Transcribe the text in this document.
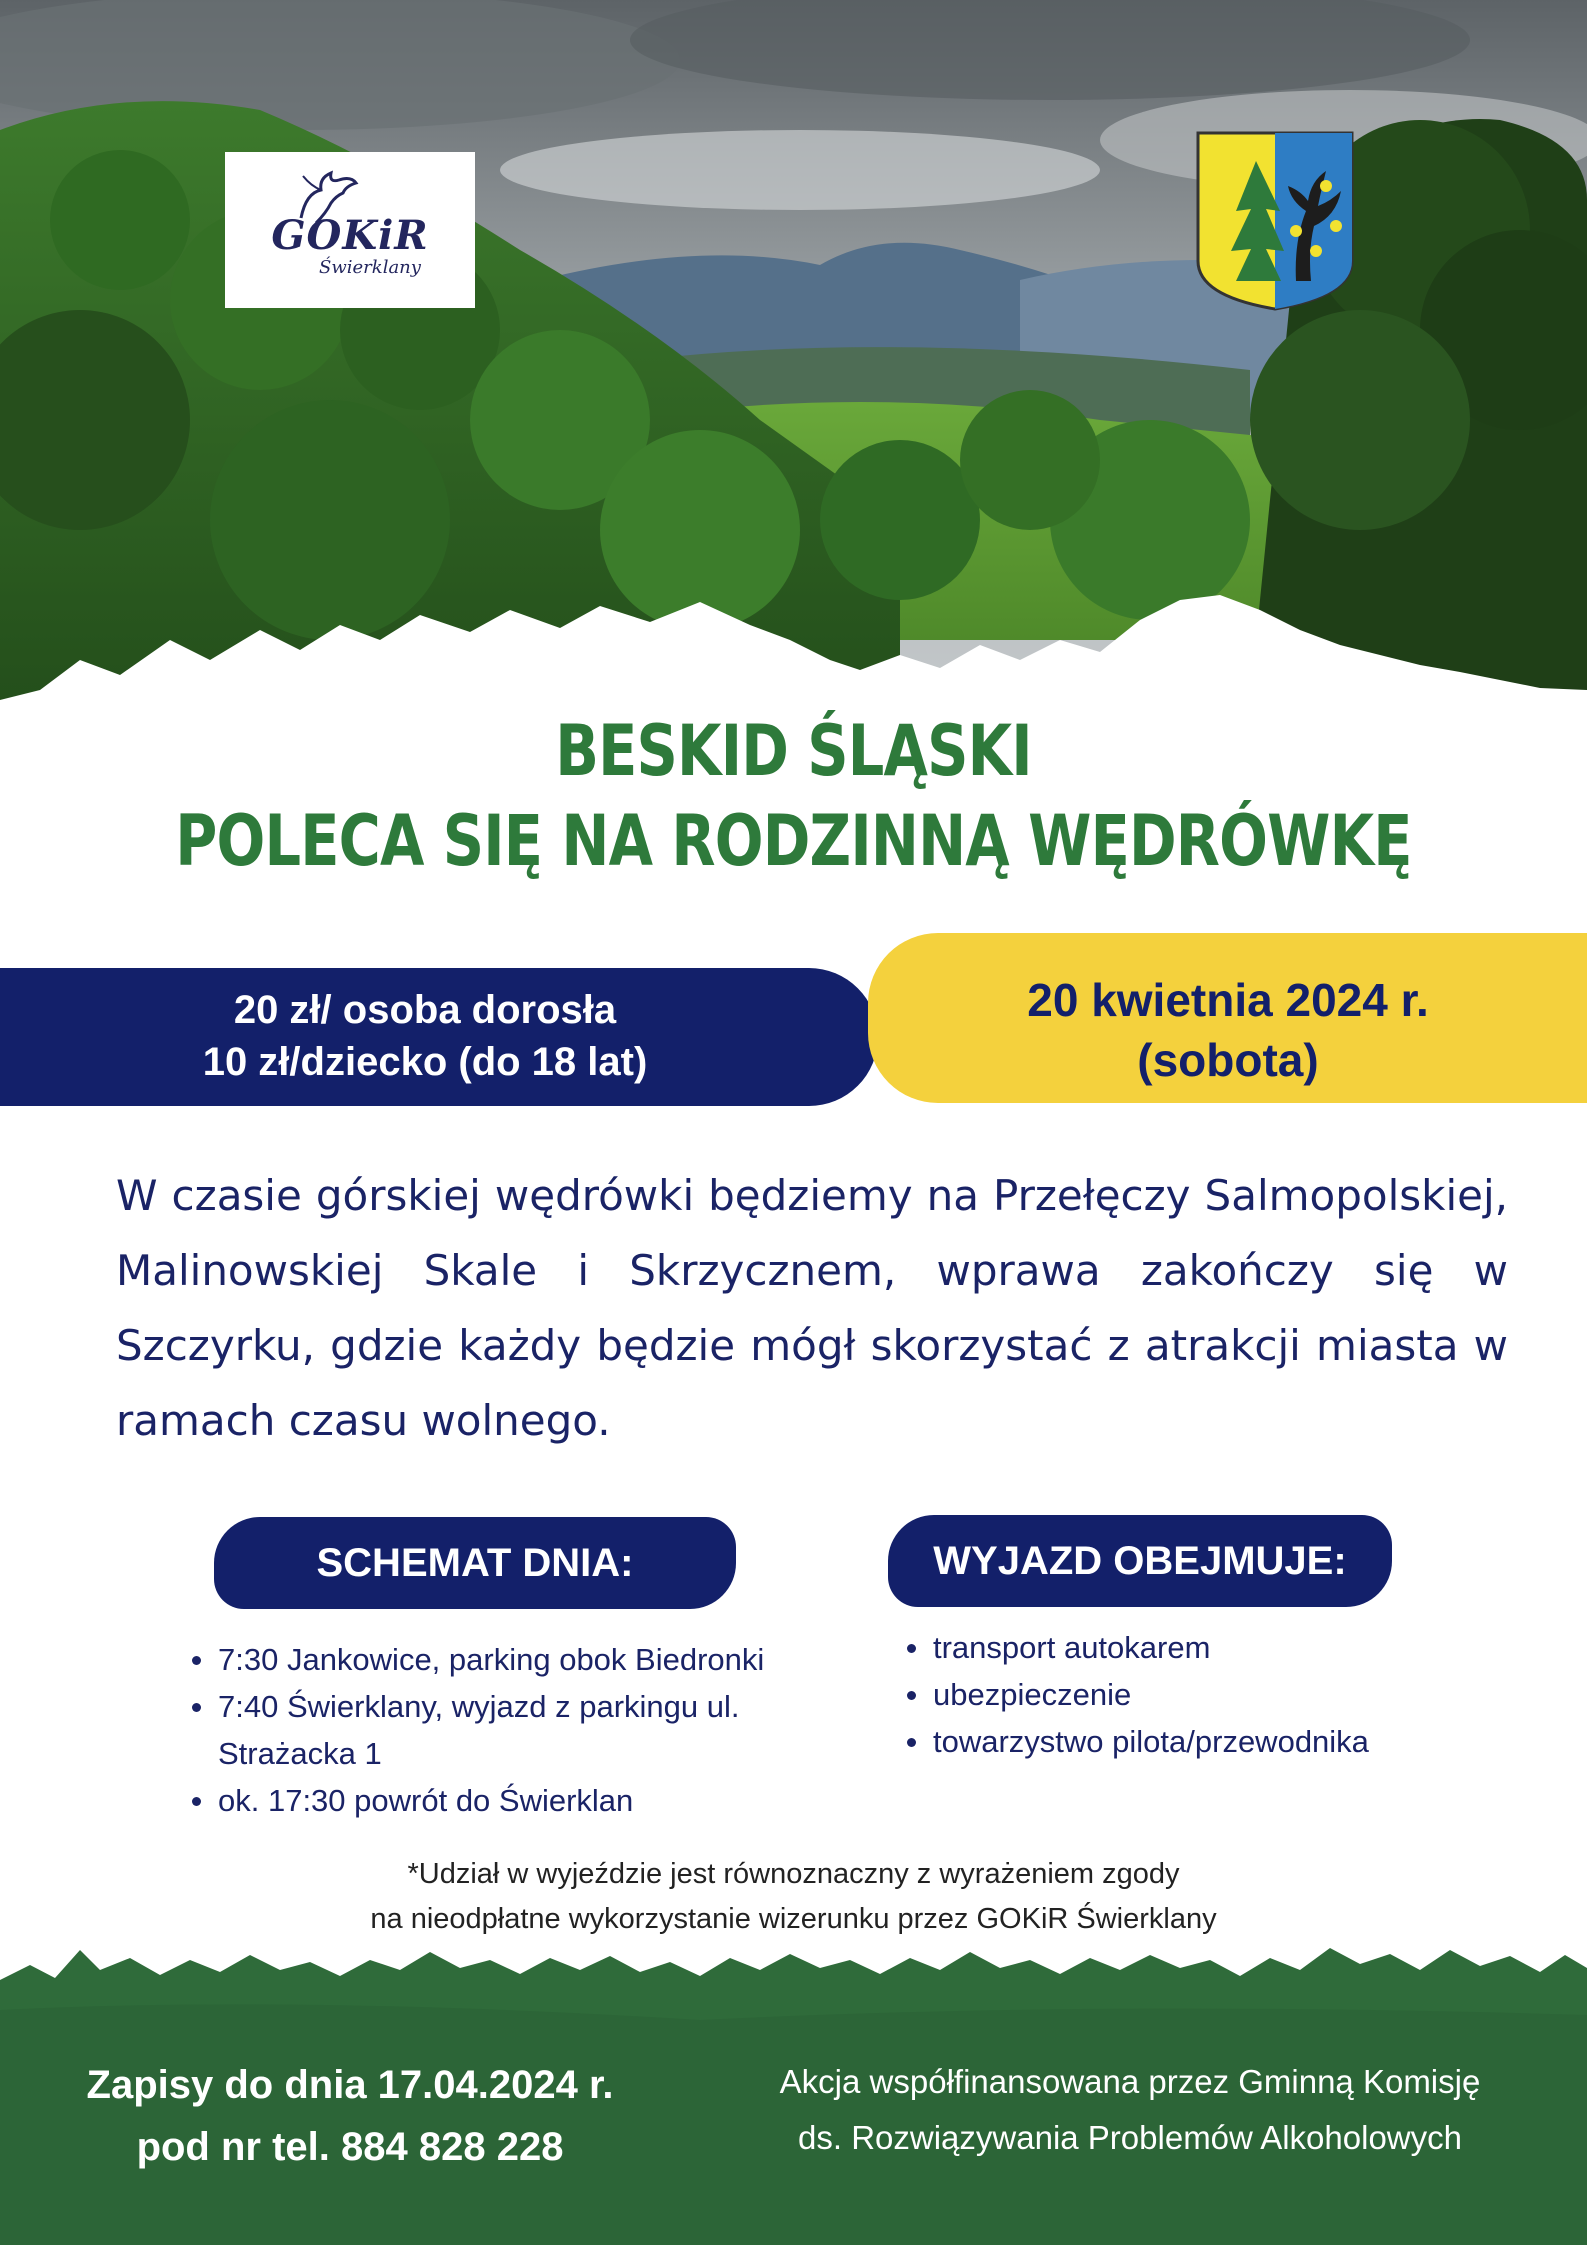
GOKiR
Świerklany
BESKID ŚLĄSKI
POLECA SIĘ NA RODZINNĄ WĘDRÓWKĘ
20 zł/ osoba dorosła
10 zł/dziecko (do 18 lat)
20 kwietnia 2024 r.
(sobota)
W czasie górskiej wędrówki będziemy na Przełęczy Salmopolskiej, Malinowskiej Skale i Skrzycznem, wprawa zakończy się w Szczyrku, gdzie każdy będzie mógł skorzystać z atrakcji miasta w ramach czasu wolnego.
SCHEMAT DNIA:
7:30 Jankowice, parking obok Biedronki
7:40 Świerklany, wyjazd z parkingu ul. Strażacka 1
ok. 17:30 powrót do Świerklan
WYJAZD OBEJMUJE:
transport autokarem
ubezpieczenie
towarzystwo pilota/przewodnika
*Udział w wyjeździe jest równoznaczny z wyrażeniem zgody
na nieodpłatne wykorzystanie wizerunku przez GOKiR Świerklany
Zapisy do dnia 17.04.2024 r.
pod nr tel. 884 828 228
Akcja współfinansowana przez Gminną Komisję
ds. Rozwiązywania Problemów Alkoholowych
